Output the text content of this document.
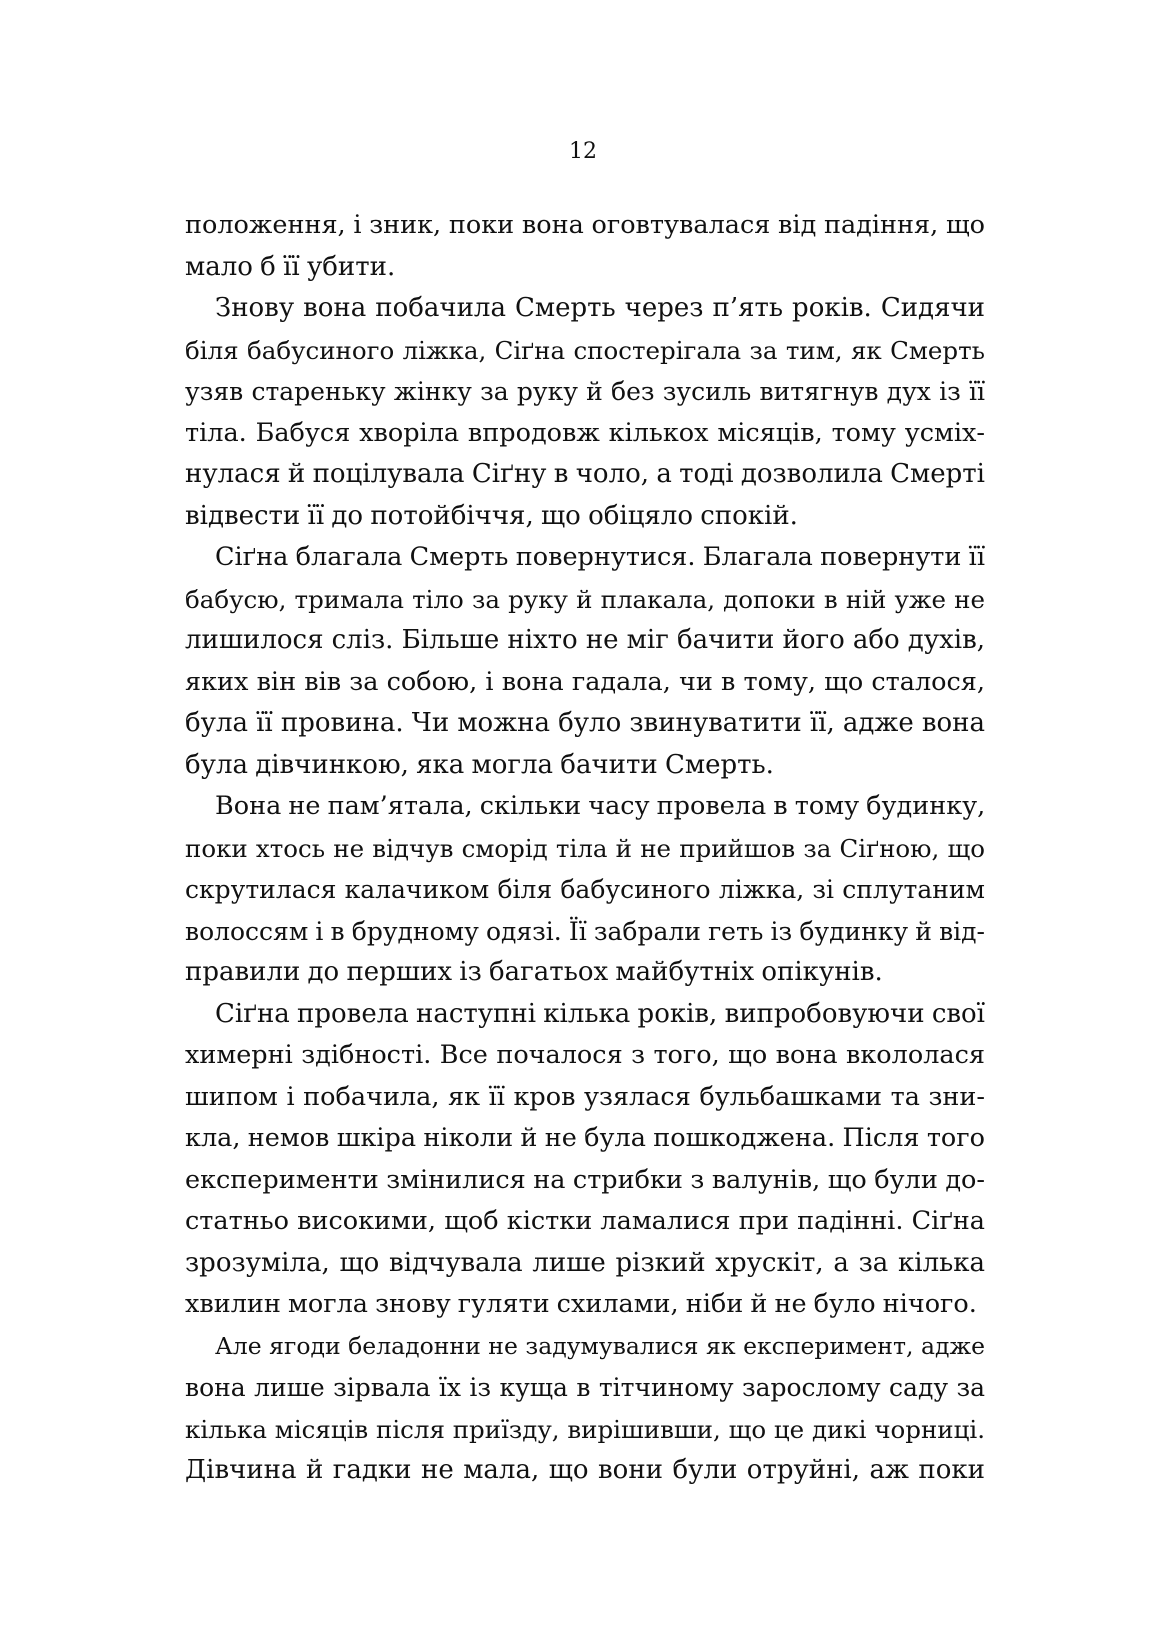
12
положення, і зник, поки вона оговтувалася від падіння, що
мало б її убити.
Знову вона побачила Смерть через п’ять років. Сидячи
біля бабусиного ліжка, Сіґна спостерігала за тим, як Смерть
узяв стареньку жінку за руку й без зусиль витягнув дух із її
тіла. Бабуся хворіла впродовж кількох місяців, тому усміх-
нулася й поцілувала Сіґну в чоло, а тоді дозволила Смерті
відвести її до потойбіччя, що обіцяло спокій.
Сіґна благала Смерть повернутися. Благала повернути її
бабусю, тримала тіло за руку й плакала, допоки в ній уже не
лишилося сліз. Більше ніхто не міг бачити його або духів,
яких він вів за собою, і вона гадала, чи в тому, що сталося,
була її провина. Чи можна було звинуватити її, адже вона
була дівчинкою, яка могла бачити Смерть.
Вона не пам’ятала, скільки часу провела в тому будинку,
поки хтось не відчув сморід тіла й не прийшов за Сіґною, що
скрутилася калачиком біля бабусиного ліжка, зі сплутаним
волоссям і в брудному одязі. Її забрали геть із будинку й від-
правили до перших із багатьох майбутніх опікунів.
Сіґна провела наступні кілька років, випробовуючи свої
химерні здібності. Все почалося з того, що вона вкололася
шипом і побачила, як її кров узялася бульбашками та зни-
кла, немов шкіра ніколи й не була пошкоджена. Після того
експерименти змінилися на стрибки з валунів, що були до-
статньо високими, щоб кістки ламалися при падінні. Сіґна
зрозуміла, що відчувала лише різкий хрускіт, а за кілька
хвилин могла знову гуляти схилами, ніби й не було нічого.
Але ягоди беладонни не задумувалися як експеримент, адже
вона лише зірвала їх із куща в тітчиному зарослому саду за
кілька місяців після приїзду, вирішивши, що це дикі чорниці.
Дівчина й гадки не мала, що вони були отруйні, аж поки
